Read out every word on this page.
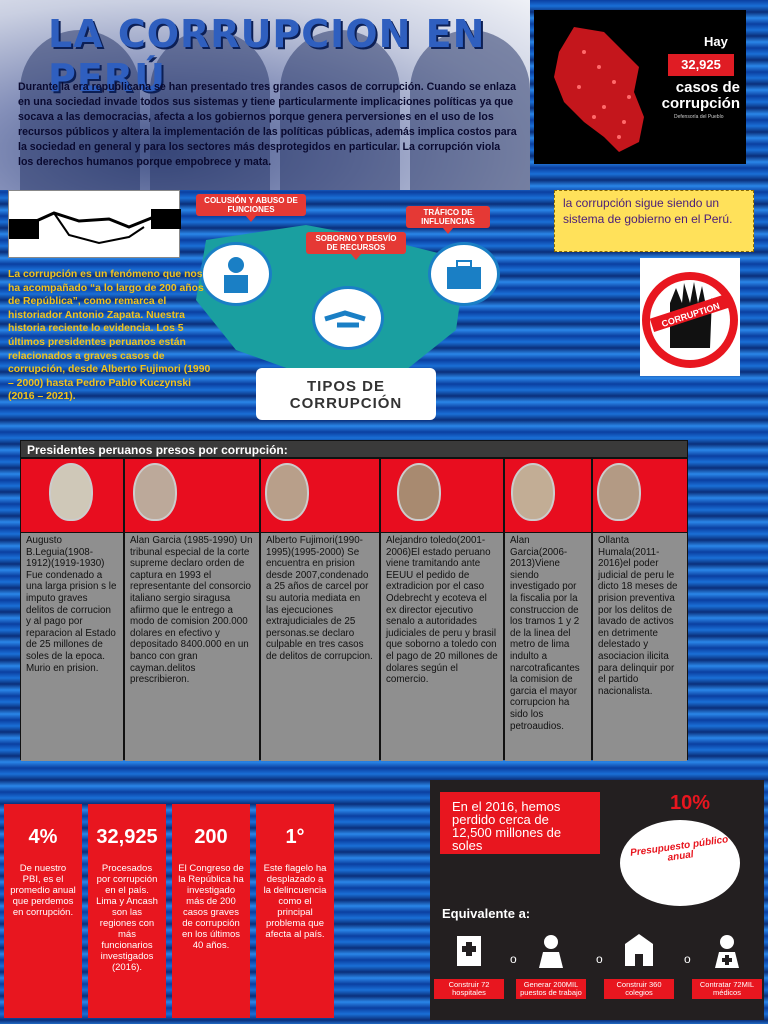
LA CORRUPCION EN PERÚ
Durante la era republicana se han presentado tres grandes casos de corrupción. Cuando se enlaza en una sociedad invade todos sus sistemas y tiene particularmente implicaciones políticas ya que socava a las democracias, afecta a los gobiernos porque genera perversiones en el uso de los recursos públicos y altera la implementación de las políticas públicas, además implica costos para la sociedad en general y para los sectores más desprotegidos en particular. La corrupción viola los derechos humanos porque empobrece y mata.
Hay
32,925
casos de corrupción
Defensoría del Pueblo
COLUSIÓN Y ABUSO DE FUNCIONES
SOBORNO Y DESVÍO DE RECURSOS
TRÁFICO DE INFLUENCIAS
TIPOS DE CORRUPCIÓN
la corrupción sigue siendo un sistema de gobierno en el Perú.
CORRUPTION
La corrupción es un fenómeno que nos ha acompañado “a lo largo de 200 años de República”, como remarca el historiador Antonio Zapata. Nuestra historia reciente lo evidencia. Los 5 últimos presidentes peruanos están relacionados a graves casos de corrupción, desde Alberto Fujimori (1990 – 2000) hasta Pedro Pablo Kuczynski (2016 – 2021).
Presidentes peruanos presos por corrupción:
Augusto B.Leguia(1908-1912)(1919-1930) Fue condenado a una larga prision s le imputo graves delitos de corrucion y al pago por reparacion al Estado de 25 millones de soles de la epoca. Murio en prision.
Alan Garcia (1985-1990) Un tribunal especial de la corte supreme declaro orden de captura en 1993 el representante del consorcio italiano sergio siragusa afiirmo que le entrego a modo de comision 200.000 dolares en efectivo y depositado 8400.000 en un banco con gran cayman.delitos prescribieron.
Alberto Fujimori(1990-1995)(1995-2000) Se encuentra en prision desde 2007,condenado a 25 años de carcel por su autoria mediata en las ejecuciones extrajudiciales de 25 personas.se declaro culpable en tres casos de delitos de corrupcion.
Alejandro toledo(2001-2006)El estado peruano viene tramitando ante EEUU el pedido de extradicion por el caso Odebrecht y ecoteva el ex director ejecutivo senalo a autoridades judiciales de peru y brasil que soborno a toledo con el pago de 20 millones de dolares según el comercio.
Alan Garcia(2006-2013)Viene siendo investigado por la fiscalia por la construccion de los tramos 1 y 2 de la linea del metro de lima indulto a narcotraficantes la comision de garcia el mayor corrupcion ha sido los petroaudios.
Ollanta Humala(2011-2016)el poder judicial de peru le dicto 18 meses de prision preventiva por los delitos de lavado de activos en detrimente delestado y asociacion ilicita para delinquir por el partido nacionalista.
4%
De nuestro PBI, es el promedio anual que perdemos en corrupción.
32,925
Procesados por corrupción en el país. Lima y Ancash son las regiones con más funcionarios investigados (2016).
200
El Congreso de la República ha investigado más de 200 casos graves de corrupción en los últimos 40 años.
1°
Este flagelo ha desplazado a la delincuencia como el principal problema que afecta al país.
En el 2016, hemos perdido cerca de 12,500 millones de soles
10%
Presupuesto público anual
Equivalente a:
Construir 72 hospitales
o
Generar 200MIL puestos de trabajo
o
Construir 360 colegios
o
Contratar 72MIL médicos
